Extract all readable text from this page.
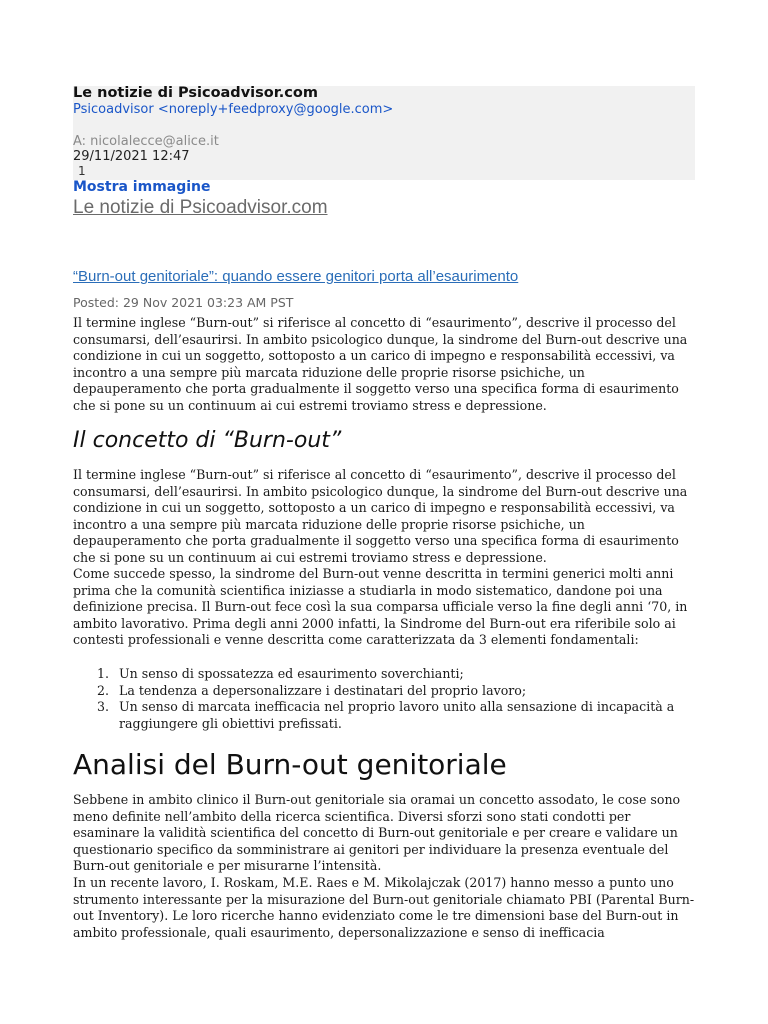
Le notizie di Psicoadvisor.com
Psicoadvisor <noreply+feedproxy@google.com>
A: nicolalecce@alice.it
29/11/2021 12:47
1
Mostra immagine
Le notizie di Psicoadvisor.com
“Burn-out genitoriale”: quando essere genitori porta all’esaurimento
Posted: 29 Nov 2021 03:23 AM PST

Il termine inglese “Burn-out” si riferisce al concetto di “esaurimento”, descrive il processo del consumarsi, dell’esaurirsi. In ambito psicologico dunque, la sindrome del Burn-out descrive una condizione in cui un soggetto, sottoposto a un carico di impegno e responsabilità eccessivi, va incontro a una sempre più marcata riduzione delle proprie risorse psichiche, un depauperamento che porta gradualmente il soggetto verso una specifica forma di esaurimento che si pone su un continuum ai cui estremi troviamo stress e depressione.

Il concetto di “Burn-out”

Il termine inglese “Burn-out” si riferisce al concetto di “esaurimento”, descrive il processo del consumarsi, dell’esaurirsi. In ambito psicologico dunque, la sindrome del Burn-out descrive una condizione in cui un soggetto, sottoposto a un carico di impegno e responsabilità eccessivi, va incontro a una sempre più marcata riduzione delle proprie risorse psichiche, un depauperamento che porta gradualmente il soggetto verso una specifica forma di esaurimento che si pone su un continuum ai cui estremi troviamo stress e depressione.

Come succede spesso, la sindrome del Burn-out venne descritta in termini generici molti anni prima che la comunità scientifica iniziasse a studiarla in modo sistematico, dandone poi una definizione precisa. Il Burn-out fece così la sua comparsa ufficiale verso la fine degli anni ‘70, in ambito lavorativo. Prima degli anni 2000 infatti, la Sindrome del Burn-out era riferibile solo ai contesti professionali e venne descritta come caratterizzata da 3 elementi fondamentali:

1. Un senso di spossatezza ed esaurimento soverchianti;
2. La tendenza a depersonalizzare i destinatari del proprio lavoro;
3. Un senso di marcata inefficacia nel proprio lavoro unito alla sensazione di incapacità a raggiungere gli obiettivi prefissati.
Analisi del Burn-out genitoriale

Sebbene in ambito clinico il Burn-out genitoriale sia oramai un concetto assodato, le cose sono meno definite nell’ambito della ricerca scientifica. Diversi sforzi sono stati condotti per esaminare la validità scientifica del concetto di Burn-out genitoriale e per creare e validare un questionario specifico da somministrare ai genitori per individuare la presenza eventuale del Burn-out genitoriale e per misurarne l’intensità.

In un recente lavoro, I. Roskam, M.E. Raes e M. Mikolajczak (2017) hanno messo a punto uno strumento interessante per la misurazione del Burn-out genitoriale chiamato PBI (Parental Burn-out Inventory). Le loro ricerche hanno evidenziato come le tre dimensioni base del Burn-out in ambito professionale, quali esaurimento, depersonalizzazione e senso di inefficacia
